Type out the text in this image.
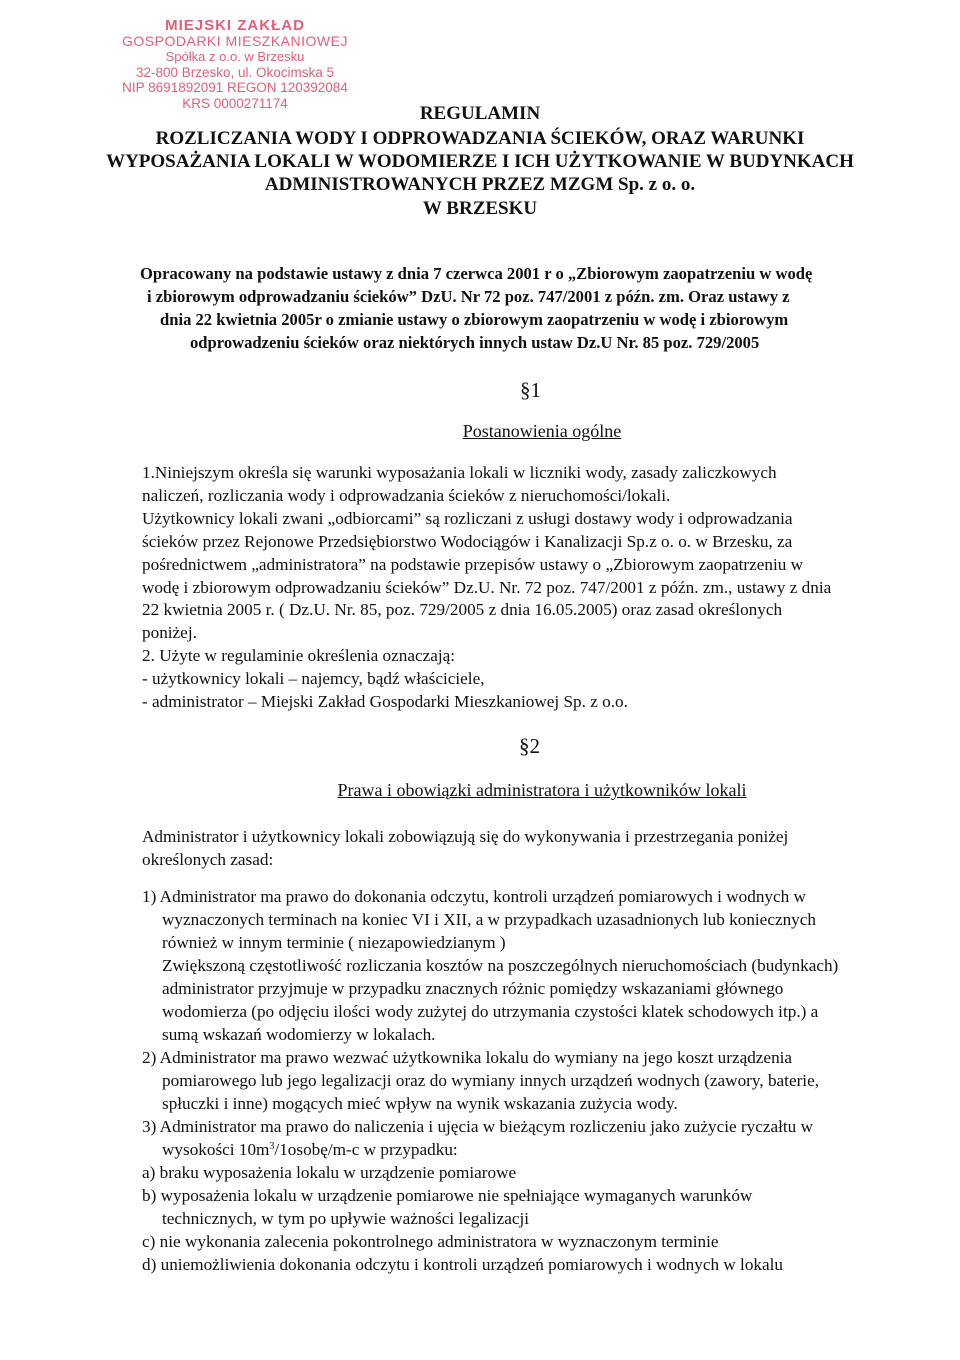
MIEJSKI ZAKŁAD
GOSPODARKI MIESZKANIOWEJ
Spółka z o.o. w Brzesku
32-800 Brzesko, ul. Okocimska 5
NIP 8691892091 REGON 120392084
KRS 0000271174	REGULAMIN
ROZLICZANIA WODY I ODPROWADZANIA ŚCIEKÓW, ORAZ WARUNKI
WYPOSAŻANIA LOKALI W WODOMIERZE I ICH UŻYTKOWANIE W BUDYNKACH
ADMINISTROWANYCH PRZEZ MZGM Sp. z o. o.
W BRZESKU
Opracowany na podstawie ustawy z dnia 7 czerwca 2001 r o „Zbiorowym zaopatrzeniu w wodę
i zbiorowym odprowadzaniu ścieków” DzU. Nr 72 poz. 747/2001 z późn. zm. Oraz ustawy z
dnia 22 kwietnia 2005r o zmianie ustawy o zbiorowym zaopatrzeniu w wodę i zbiorowym
odprowadzeniu ścieków oraz niektórych innych ustaw Dz.U Nr. 85 poz. 729/2005
§1
Postanowienia ogólne
1.Niniejszym określa się warunki wyposażania lokali w liczniki wody, zasady zaliczkowych
naliczeń, rozliczania wody i odprowadzania ścieków z nieruchomości/lokali.
Użytkownicy lokali zwani „odbiorcami” są rozliczani z usługi dostawy wody i odprowadzania
ścieków przez Rejonowe Przedsiębiorstwo Wodociągów i Kanalizacji Sp.z o. o. w Brzesku, za
pośrednictwem „administratora” na podstawie przepisów ustawy o „Zbiorowym zaopatrzeniu w
wodę i zbiorowym odprowadzaniu ścieków” Dz.U. Nr. 72 poz. 747/2001 z późn. zm., ustawy z dnia
22 kwietnia 2005 r. ( Dz.U. Nr. 85, poz. 729/2005 z dnia 16.05.2005) oraz zasad określonych
poniżej.
2. Użyte w regulaminie określenia oznaczają:
- użytkownicy lokali – najemcy, bądź właściciele,
- administrator – Miejski Zakład Gospodarki Mieszkaniowej Sp. z o.o.
§2
Prawa i obowiązki administratora i użytkowników lokali
Administrator i użytkownicy lokali zobowiązują się do wykonywania i przestrzegania poniżej
określonych zasad:
1) Administrator ma prawo do dokonania odczytu, kontroli urządzeń pomiarowych i wodnych w
wyznaczonych terminach na koniec VI i XII, a w przypadkach uzasadnionych lub koniecznych
również w innym terminie ( niezapowiedzianym )
Zwiększoną częstotliwość rozliczania kosztów na poszczególnych nieruchomościach (budynkach)
administrator przyjmuje w przypadku znacznych różnic pomiędzy wskazaniami głównego
wodomierza (po odjęciu ilości wody zużytej do utrzymania czystości klatek schodowych itp.) a
sumą wskazań wodomierzy w lokalach.
2) Administrator ma prawo wezwać użytkownika lokalu do wymiany na jego koszt urządzenia
pomiarowego lub jego legalizacji oraz do wymiany innych urządzeń wodnych (zawory, baterie,
spłuczki i inne) mogących mieć wpływ na wynik wskazania zużycia wody.
3) Administrator ma prawo do naliczenia i ujęcia w bieżącym rozliczeniu jako zużycie ryczałtu w
wysokości $10m^3/1osobę/m-c$ w przypadku:
a) braku wyposażenia lokalu w urządzenie pomiarowe
b) wyposażenia lokalu w urządzenie pomiarowe nie spełniające wymaganych warunków
technicznych, w tym po upływie ważności legalizacji
c) nie wykonania zalecenia pokontrolnego administratora w wyznaczonym terminie
d) uniemożliwienia dokonania odczytu i kontroli urządzeń pomiarowych i wodnych w lokalu
